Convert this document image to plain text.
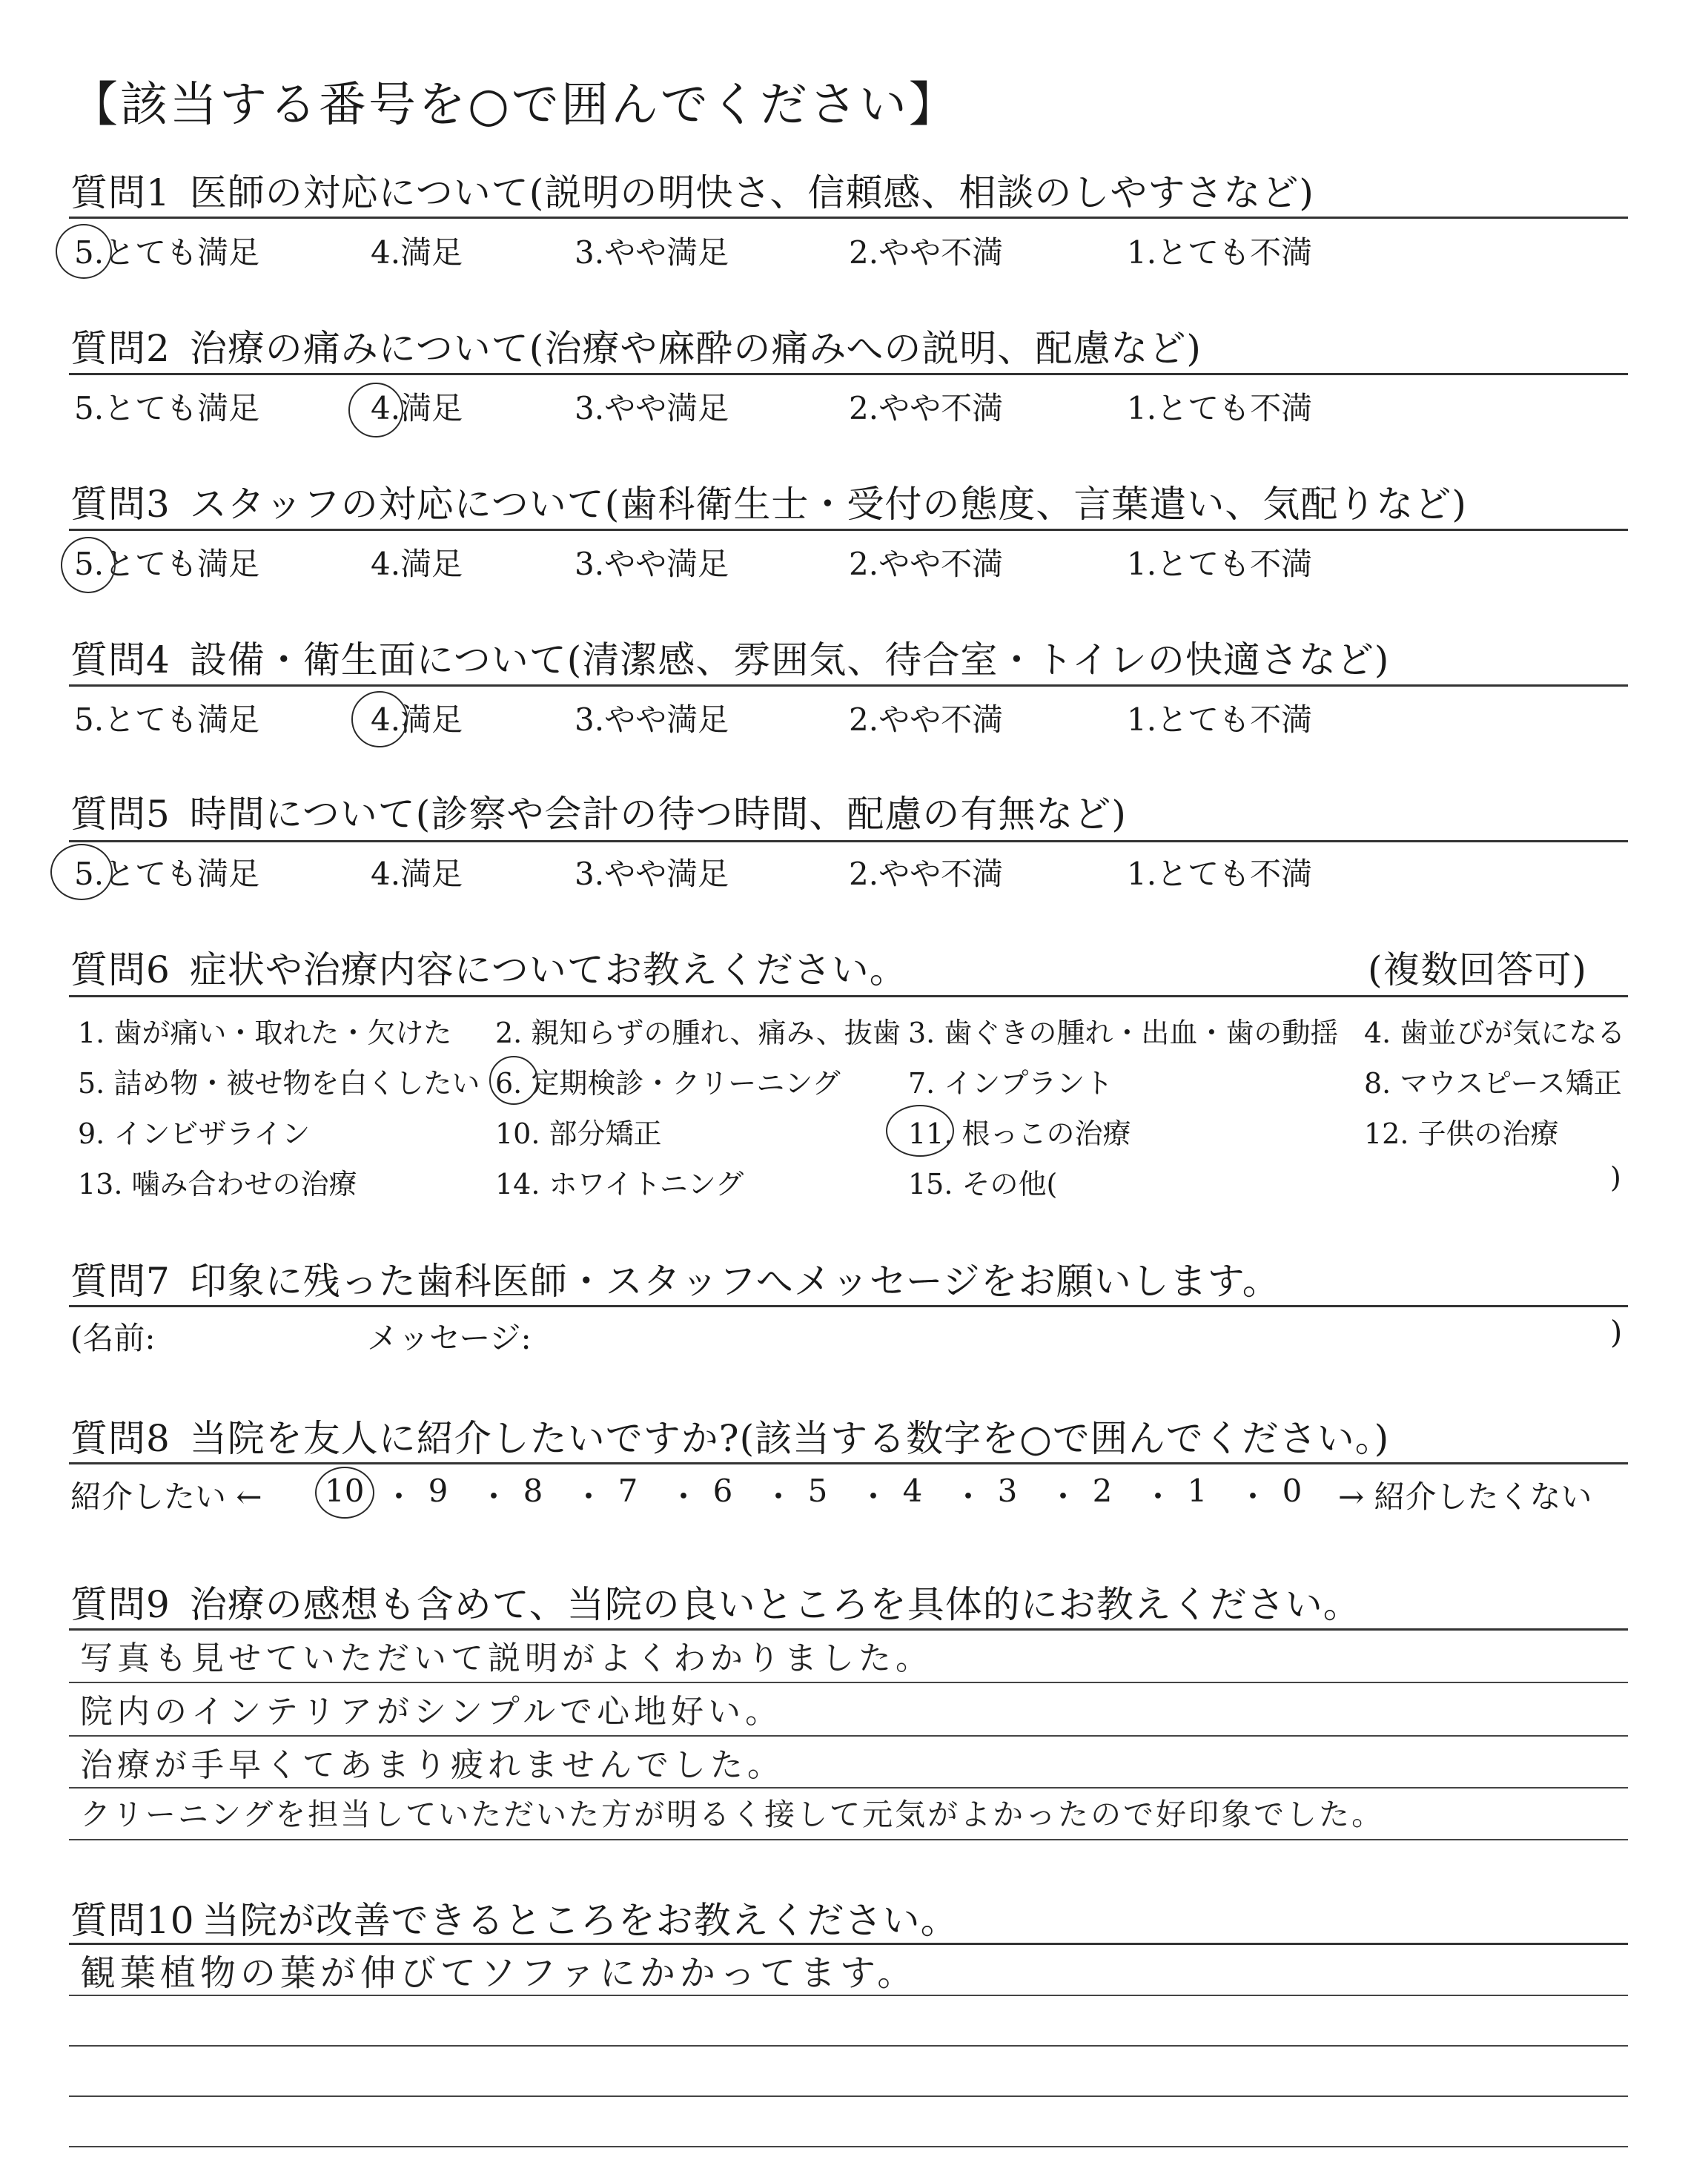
【該当する番号を○で囲んでください】
質問1 医師の対応について(説明の明快さ、信頼感、相談のしやすさなど)
5.とても満足	4.満足	3.やや満足	2.やや不満	1.とても不満
質問2 治療の痛みについて(治療や麻酔の痛みへの説明、配慮など)
5.とても満足	4.満足	3.やや満足	2.やや不満	1.とても不満
質問3 スタッフの対応について(歯科衛生士・受付の態度、言葉遣い、気配りなど)
5.とても満足	4.満足	3.やや満足	2.やや不満	1.とても不満
質問4 設備・衛生面について(清潔感、雰囲気、待合室・トイレの快適さなど)
5.とても満足	4.満足	3.やや満足	2.やや不満	1.とても不満
質問5 時間について(診察や会計の待つ時間、配慮の有無など)
5.とても満足	4.満足	3.やや満足	2.やや不満	1.とても不満
質問6 症状や治療内容についてお教えください。	(複数回答可)
1. 歯が痛い・取れた・欠けた 2. 親知らずの腫れ、痛み、抜歯 3. 歯ぐきの腫れ・出血・歯の動揺 4. 歯並びが気になる
5. 詰め物・被せ物を白くしたい 6. 定期検診・クリーニング 7. インプラント	8. マウスピース矯正
9. インビザライン	10. 部分矯正	11. 根っこの治療	12. 子供の治療
13. 噛み合わせの治療	14. ホワイトニング	15. その他(	)
質問7 印象に残った歯科医師・スタッフへメッセージをお願いします。
(名前:	メッセージ:	)
質問8 当院を友人に紹介したいですか?(該当する数字を○で囲んでください。)
紹介したい ←	→ 紹介したくない
10 ・ 9 ・ 8 ・ 7 ・ 6 ・ 5 ・ 4 ・ 3 ・ 2 ・ 1 ・ 0
質問9 治療の感想も含めて、当院の良いところを具体的にお教えください。
写真も見せていただいて説明がよくわかりました。
院内のインテリアがシンプルで心地好い。
治療が手早くてあまり疲れませんでした。
クリーニングを担当していただいた方が明るく接して元気がよかったので好印象でした。
質問10 当院が改善できるところをお教えください。
観葉植物の葉が伸びてソファにかかってます。
